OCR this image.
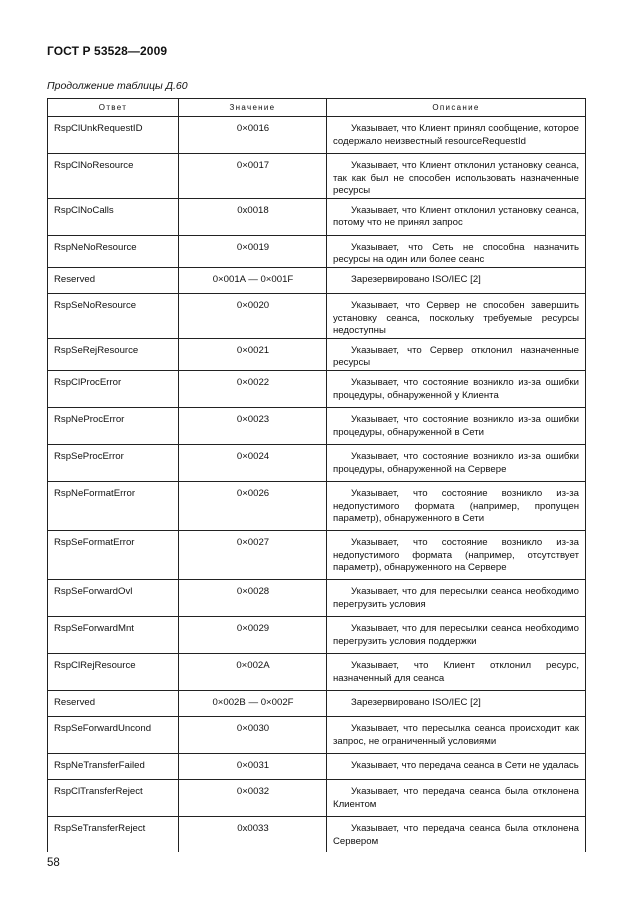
ГОСТ Р 53528—2009
Продолжение таблицы Д.60
Ответ	Значение	Описание
RspClUnkRequestID	0×0016	Указывает, что Клиент принял сообщение, которое содержало неизвестный resourceRequestId
RspClNoResource	0×0017	Указывает, что Клиент отклонил установку сеанса, так как был не способен использовать назначенные ресурсы
RspClNoCalls	0x0018	Указывает, что Клиент отклонил установку сеанса, потому что не принял запрос
RspNeNoResource	0×0019	Указывает, что Сеть не способна назначить ресурсы на один или более сеанс
Reserved	0×001A — 0×001F	Зарезервировано ISO/IEC [2]
RspSeNoResource	0×0020	Указывает, что Сервер не способен завершить установку сеанса, поскольку требуемые ресурсы недоступны
RspSeRejResource	0×0021	Указывает, что Сервер отклонил назначенные ресурсы
RspClProcError	0×0022	Указывает, что состояние возникло из-за ошибки процедуры, обнаруженной у Клиента
RspNeProcError	0×0023	Указывает, что состояние возникло из-за ошибки процедуры, обнаруженной в Сети
RspSeProcError	0×0024	Указывает, что состояние возникло из-за ошибки процедуры, обнаруженной на Сервере
RspNeFormatError	0×0026	Указывает, что состояние возникло из-за недопустимого формата (например, пропущен параметр), обнаруженного в Сети
RspSeFormatError	0×0027	Указывает, что состояние возникло из-за недопустимого формата (например, отсутствует параметр), обнаруженного на Сервере
RspSeForwardOvl	0×0028	Указывает, что для пересылки сеанса необходимо перегрузить условия
RspSeForwardMnt	0×0029	Указывает, что для пересылки сеанса необходимо перегрузить условия поддержки
RspClRejResource	0×002A	Указывает, что Клиент отклонил ресурс, назначенный для сеанса
Reserved	0×002B — 0×002F	Зарезервировано ISO/IEC [2]
RspSeForwardUncond	0×0030	Указывает, что пересылка сеанса происходит как запрос, не ограниченный условиями
RspNeTransferFailed	0×0031	Указывает, что передача сеанса в Сети не удалась
RspClTransferReject	0×0032	Указывает, что передача сеанса была отклонена Клиентом
RspSeTransferReject	0x0033	Указывает, что передача сеанса была отклонена Сервером
58
